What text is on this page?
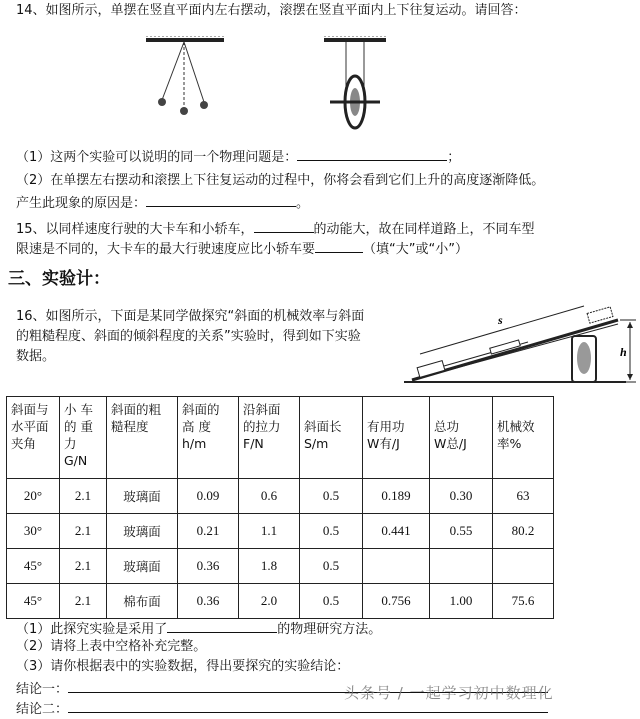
14、如图所示，单摆在竖直平面内左右摆动，滚摆在竖直平面内上下往复运动。请回答：
（1）这两个实验可以说明的同一个物理问题是：	；
（2）在单摆左右摆动和滚摆上下往复运动的过程中，你将会看到它们上升的高度逐渐降低。
产生此现象的原因是：	。
15、以同样速度行驶的大卡车和小轿车，	的动能大，故在同样道路上，不同车型
限速是不同的，大卡车的最大行驶速度应比小轿车要	（填“大”或“小”）
三、实验计：
16、如图所示，下面是某同学做探究“斜面的机械效率与斜面
的粗糙程度、斜面的倾斜程度的关系”实验时，得到如下实验
数据。
s
h
斜面与
水平面
夹角	小 车
的 重
力
G/N	斜面的粗
糙程度	斜面的
高 度
h/m	沿斜面
的拉力
F/N	斜面长
S/m	有用功
W有/J	总功
W总/J	机械效
率%
20°	2.1	玻璃面	0.09	0.6	0.5	0.189	0.30	63
30°	2.1	玻璃面	0.21	1.1	0.5	0.441	0.55	80.2
45°	2.1	玻璃面	0.36	1.8	0.5			
45°	2.1	棉布面	0.36	2.0	0.5	0.756	1.00	75.6
（1）此探究实验是采用了	的物理研究方法。
（2）请将上表中空格补充完整。
（3）请你根据表中的实验数据，得出要探究的实验结论：
结论一：
结论二：
头条号 / 一起学习初中数理化
